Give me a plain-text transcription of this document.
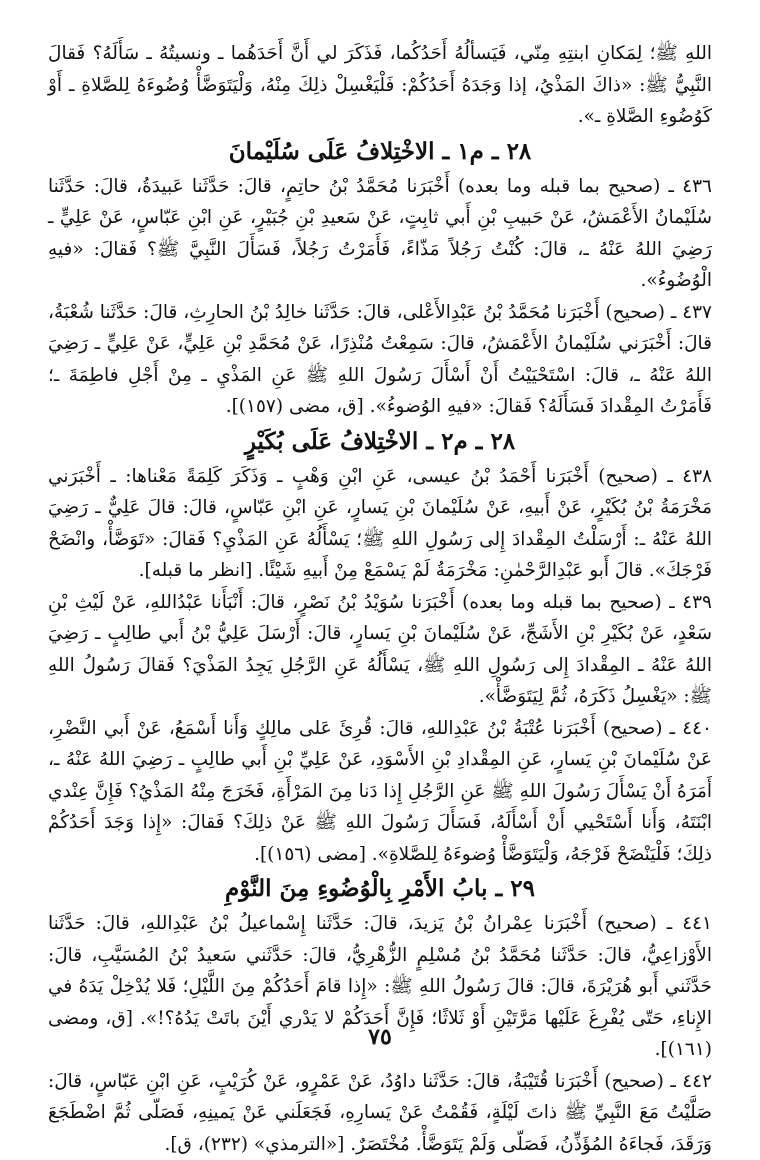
اللهِ ﷺ؛ لِمَكانِ ابنتِهِ مِنّي، فَيَسألُهُ أَحَدُكُما، فَذَكَرَ لي أَنَّ أَحَدَهُما ـ ونسيتُهُ ـ سَأَلَهُ؟ فَقالَ النَّبِيُّ ﷺ: «ذاكَ المَذْيُ، إذا وَجَدَهُ أَحَدُكُمْ: فَلْيَغْسِلْ ذلِكَ مِنْهُ، وَلْيَتَوَضَّأْ وُضُوءَهُ لِلصَّلاةِ ـ أَوْ كَوُضُوءِ الصَّلاةِ ـ».

٢٨ ـ م١ ـ الاخْتِلافُ عَلَى سُلَيْمانَ

٤٣٦ ـ (صحيح بما قبله وما بعده) أَخْبَرَنا مُحَمَّدُ بْنُ حاتِمٍ، قالَ: حَدَّثَنا عَبيدَةُ، قالَ: حَدَّثَنا سُلَيْمانُ الأَعْمَشُ، عَنْ حَبيبِ بْنِ أَبي ثابِتٍ، عَنْ سَعيدِ بْنِ جُبَيْرٍ، عَنِ ابْنِ عَبّاسٍ، عَنْ عَلِيٍّ ـ رَضِيَ اللهُ عَنْهُ ـ، قالَ: كُنْتُ رَجُلاً مَذّاءً، فَأَمَرْتُ رَجُلاً، فَسَأَلَ النَّبِيَّ ﷺ؟ فَقالَ: «فيهِ الْوُضُوءُ».

٤٣٧ ـ (صحيح) أَخْبَرَنا مُحَمَّدُ بْنُ عَبْدِالأَعْلى، قالَ: حَدَّثَنا خالِدُ بْنُ الحارِثِ، قالَ: حَدَّثَنا شُعْبَةُ، قالَ: أَخْبَرَني سُلَيْمانُ الأَعْمَشُ، قالَ: سَمِعْتُ مُنْذِرًا، عَنْ مُحَمَّدِ بْنِ عَلِيٍّ، عَنْ عَلِيٍّ ـ رَضِيَ اللهُ عَنْهُ ـ، قالَ: اسْتَحْيَيْتُ أَنْ أَسْأَلَ رَسُولَ اللهِ ﷺ عَنِ المَذْيِ ـ مِنْ أَجْلِ فاطِمَةَ ـ؛ فَأَمَرْتُ المِقْدادَ فَسَأَلَهُ؟ فَقالَ: «فيهِ الوُضوءُ». [ق، مضى (١٥٧)].

٢٨ ـ م٢ ـ الاخْتِلافُ عَلَى بُكَيْرٍ

٤٣٨ ـ (صحيح) أَخْبَرَنا أَحْمَدُ بْنُ عيسى، عَنِ ابْنِ وَهْبٍ ـ وَذَكَرَ كَلِمَةً مَعْناها: ـ أَخْبَرَني مَخْرَمَةُ بْنُ بُكَيْرٍ، عَنْ أَبيهِ، عَنْ سُلَيْمانَ بْنِ يَسارٍ، عَنِ ابْنِ عَبّاسٍ، قالَ: قالَ عَلِيٌّ ـ رَضِيَ اللهُ عَنْهُ ـ: أَرْسَلْتُ المِقْدادَ إِلى رَسُولِ اللهِ ﷺ؛ يَسْأَلُهُ عَنِ المَذْيِ؟ فَقالَ: «تَوَضَّأْ، وانْضَحْ فَرْجَكَ». قالَ أَبو عَبْدِالرَّحْمٰنِ: مَخْرَمَةُ لَمْ يَسْمَعْ مِنْ أَبيهِ شَيْئًا. [انظر ما قبله].

٤٣٩ ـ (صحيح بما قبله وما بعده) أَخْبَرَنا سُوَيْدُ بْنُ نَصْرٍ، قالَ: أَنْبَأَنا عَبْدُاللهِ، عَنْ لَيْثِ بْنِ سَعْدٍ، عَنْ بُكَيْرِ بْنِ الأَشَجِّ، عَنْ سُلَيْمانَ بْنِ يَسارٍ، قالَ: أَرْسَلَ عَلِيُّ بْنُ أَبي طالِبٍ ـ رَضِيَ اللهُ عَنْهُ ـ المِقْدادَ إِلى رَسُولِ اللهِ ﷺ، يَسْأَلُهُ عَنِ الرَّجُلِ يَجِدُ المَذْيَ؟ فَقالَ رَسُولُ اللهِ ﷺ: «يَغْسِلُ ذَكَرَهُ، ثُمَّ لِيَتَوَضَّأْ».

٤٤٠ ـ (صحيح) أَخْبَرَنا عُتْبَةُ بْنُ عَبْدِاللهِ، قالَ: قُرِئَ عَلى مالِكٍ وَأَنا أَسْمَعُ، عَنْ أَبي النَّضْرِ، عَنْ سُلَيْمانَ بْنِ يَسارٍ، عَنِ المِقْدادِ بْنِ الأَسْوَدِ، عَنْ عَلِيِّ بْنِ أَبي طالِبٍ ـ رَضِيَ اللهُ عَنْهُ ـ، أَمَرَهُ أَنْ يَسْأَلَ رَسُولَ اللهِ ﷺ عَنِ الرَّجُلِ إِذا دَنا مِنَ المَرْأَةِ، فَخَرَجَ مِنْهُ المَذْيُ؟ فَإِنَّ عِنْدي ابْنَتَهُ، وَأَنا أَسْتَحْيي أَنْ أَسْأَلَهُ، فَسَأَلَ رَسُولَ اللهِ ﷺ عَنْ ذلِكَ؟ فَقالَ: «إِذا وَجَدَ أَحَدُكُمْ ذلِكَ؛ فَلْيَنْضَحْ فَرْجَهُ، وَلْيَتَوَضَّأْ وُضوءَهُ لِلصَّلاةِ». [مضى (١٥٦)].

٢٩ ـ بابُ الأَمْرِ بِالْوُضُوءِ مِنَ النَّوْمِ

٤٤١ ـ (صحيح) أَخْبَرَنا عِمْرانُ بْنُ يَزيدَ، قالَ: حَدَّثَنا إِسْماعيلُ بْنُ عَبْدِاللهِ، قالَ: حَدَّثَنا الأَوْزاعِيُّ، قالَ: حَدَّثَنا مُحَمَّدُ بْنُ مُسْلِمٍ الزُّهْرِيُّ، قالَ: حَدَّثَني سَعيدُ بْنُ المُسَيَّبِ، قالَ: حَدَّثَني أَبو هُرَيْرَةَ، قالَ: قالَ رَسُولُ اللهِ ﷺ: «إِذا قامَ أَحَدُكُمْ مِنَ اللَّيْلِ؛ فَلا يُدْخِلْ يَدَهُ في الإِناءِ، حَتّى يُفْرِغَ عَلَيْها مَرَّتَيْنِ أَوْ ثَلاثًا؛ فَإِنَّ أَحَدَكُمْ لا يَدْري أَيْنَ باتَتْ يَدُهُ؟!». [ق، ومضى (١٦١)].

٤٤٢ ـ (صحيح) أَخْبَرَنا قُتَيْبَةُ، قالَ: حَدَّثَنا داوُدُ، عَنْ عَمْرٍو، عَنْ كُرَيْبٍ، عَنِ ابْنِ عَبّاسٍ، قالَ: صَلَّيْتُ مَعَ النَّبِيِّ ﷺ ذاتَ لَيْلَةٍ، فَقُمْتُ عَنْ يَسارِهِ، فَجَعَلَني عَنْ يَمينِهِ، فَصَلّى ثُمَّ اضْطَجَعَ وَرَقَدَ، فَجاءَهُ المُؤَذِّنُ، فَصَلّى وَلَمْ يَتَوَضَّأْ. مُخْتَصَرٌ. [«الترمذي» (٢٣٢)، ق].

٧٥
